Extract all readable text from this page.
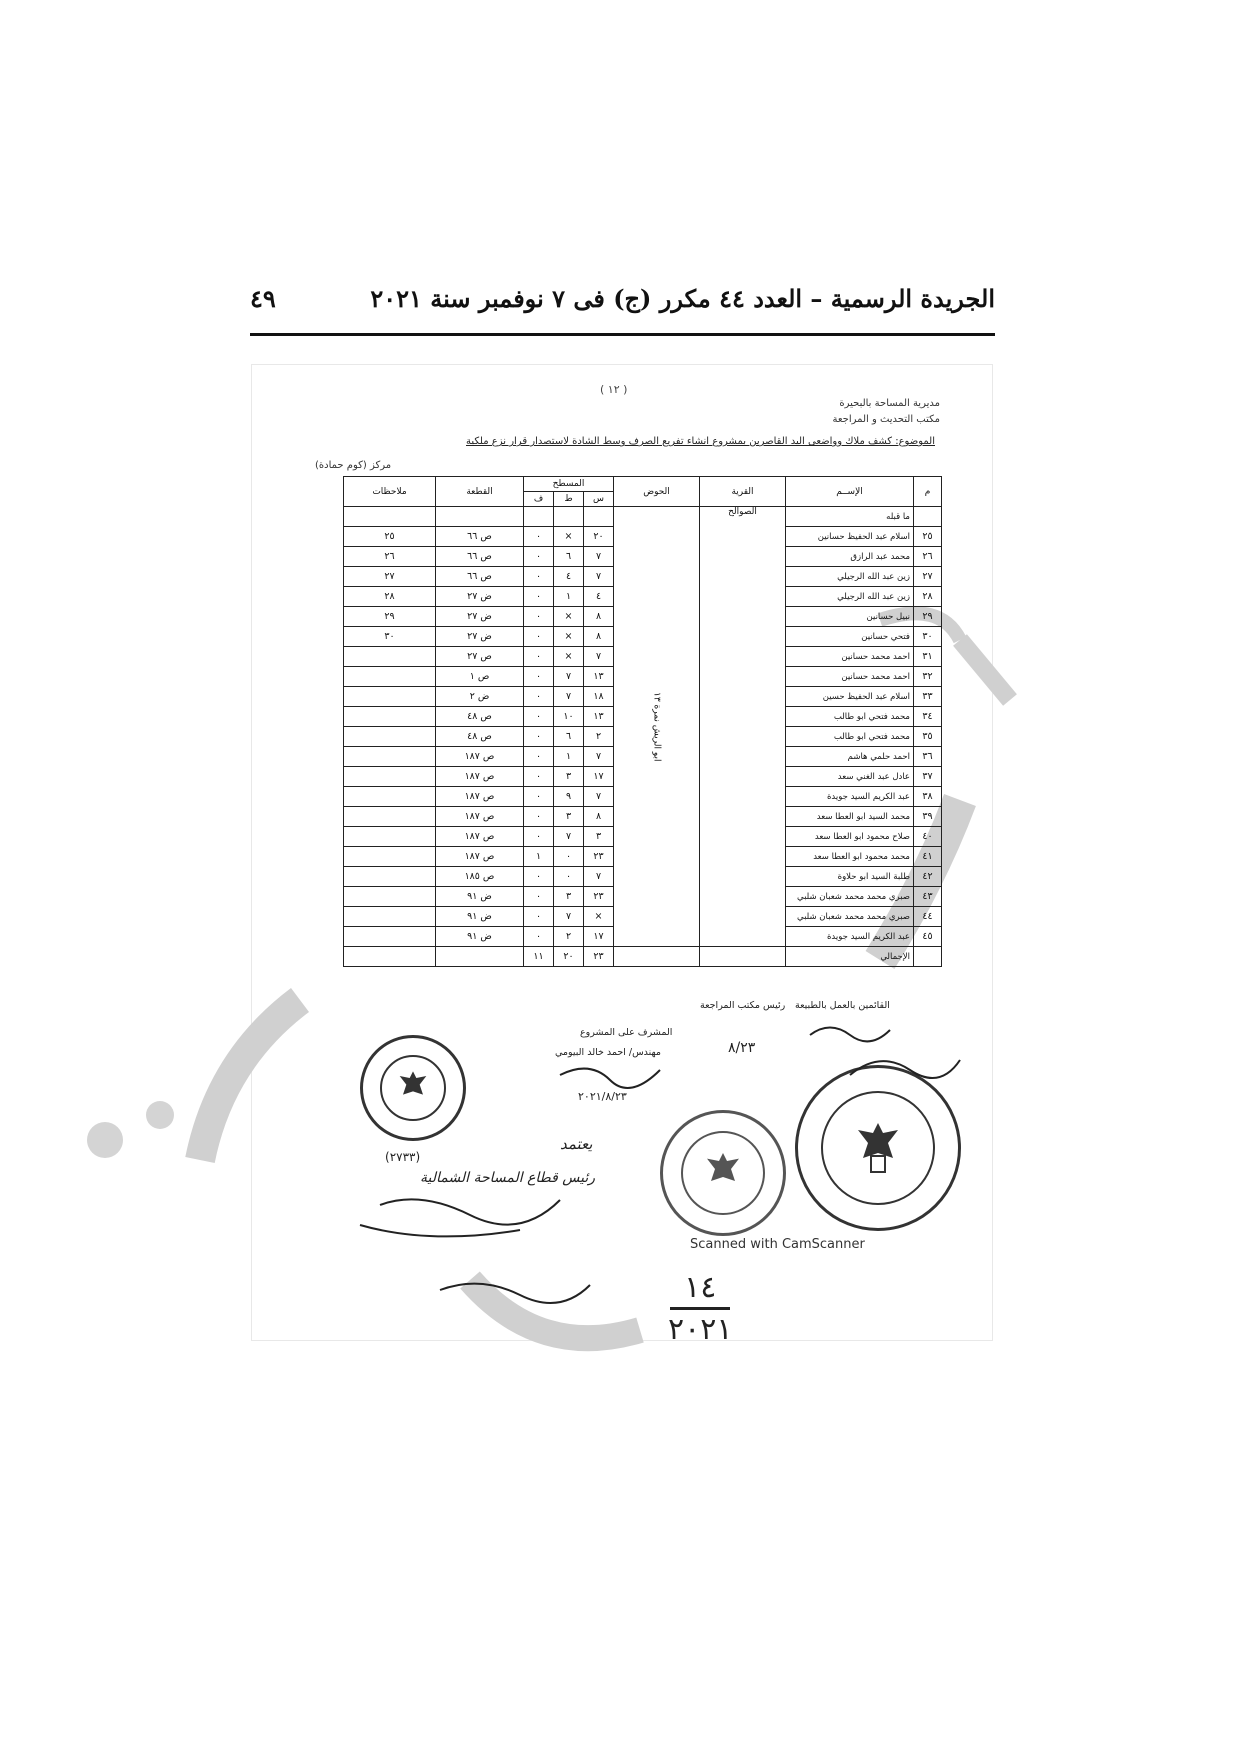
الجريدة الرسمية – العدد ٤٤ مكرر (ج) فى ٧ نوفمبر سنة ٢٠٢١
٤٩
( ١٢ )
مديرية المساحة بالبحيرة
مكتب التحديث و المراجعة
الموضوع: كشف ملاك وواضعى اليد القاصرين بمشروع انشاء تفريع الصرف وسط الشادة لاستصدار قرار نزع ملكية
مركز (كوم حمادة)
م	الإســم	القرية	الحوض	المسطح			القطعة	ملاحظات
				س	ط	ف		
	ما قبله	الصوالح	ابو الريش نمرة ١٣					
٢٥	اسلام عبد الحفيظ حسانين			٢٠	×	٠	ص ٦٦	٢٥
٢٦	محمد عبد الرازق			٧	٦	٠	ص ٦٦	٢٦
٢٧	زين عبد الله الرجيلي			٧	٤	٠	ص ٦٦	٢٧
٢٨	زين عبد الله الرجيلي			٤	١	٠	ض ٢٧	٢٨
٢٩	نبيل حسانين			٨	×	٠	ض ٢٧	٢٩
٣٠	فتحي حسانين			٨	×	٠	ض ٢٧	٣٠
٣١	احمد محمد حسانين			٧	×	٠	ص ٢٧	
٣٢	احمد محمد حسانين			١٣	٧	٠	ص ١	
٣٣	اسلام عبد الحفيظ حسين			١٨	٧	٠	ض ٢	
٣٤	محمد فتحي ابو طالب			١٣	١٠	٠	ص ٤٨	
٣٥	محمد فتحي ابو طالب			٢	٦	٠	ص ٤٨	
٣٦	احمد حلمي هاشم			٧	١	٠	ص ١٨٧	
٣٧	عادل عبد الغني سعد			١٧	٣	٠	ص ١٨٧	
٣٨	عبد الكريم السيد جويدة			٧	٩	٠	ص ١٨٧	
٣٩	محمد السيد ابو العطا سعد			٨	٣	٠	ص ١٨٧	
٤٠	صلاح محمود ابو العطا سعد			٣	٧	٠	ص ١٨٧	
٤١	محمد محمود ابو العطا سعد			٢٣	٠	١	ص ١٨٧	
٤٢	طلبة السيد ابو حلاوة			٧	٠	٠	ص ١٨٥	
٤٣	صبري محمد محمد شعبان شلبي			٢٣	٣	٠	ض ٩١	
٤٤	صبري محمد محمد شعبان شلبي			×	٧	٠	ض ٩١	
٤٥	عبد الكريم السيد جويدة			١٧	٢	٠	ض ٩١	
	الإجمالي			٢٣	٢٠	١١		
القائمين بالعمل بالطبيعة
رئيس مكتب المراجعة
المشرف على المشروع
مهندس/ احمد خالد البيومي
٢٠٢١/٨/٢٣
٨/٢٣
(٢٧٣٣)
يعتمد
رئيس قطاع المساحة الشمالية
Scanned with CamScanner
١٤
٢٠٢١
